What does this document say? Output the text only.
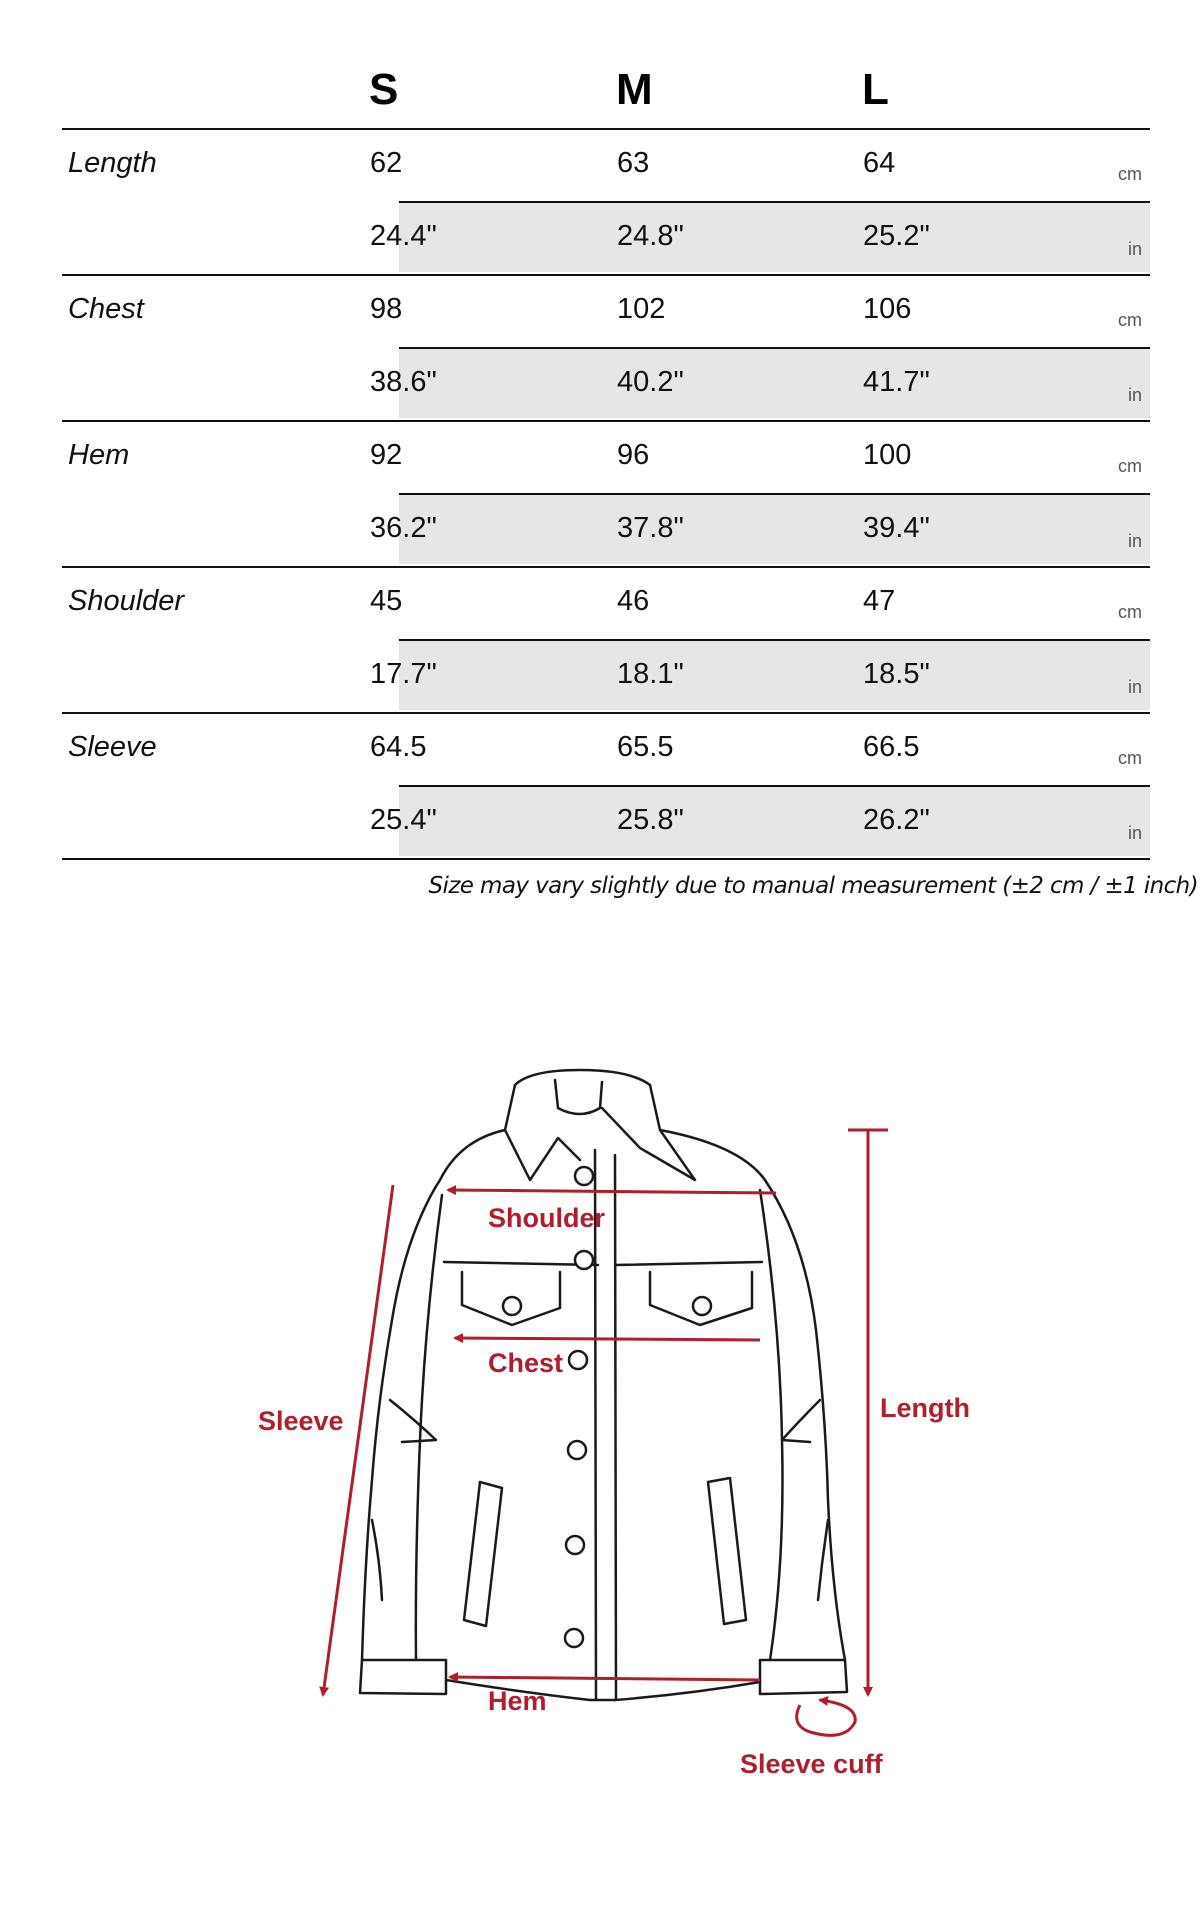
S	M	L
Length	62	63	64	cm
24.4"	24.8"	25.2"	in
Chest	98	102	106	cm
38.6"	40.2"	41.7"	in
Hem	92	96	100	cm
36.2"	37.8"	39.4"	in
Shoulder	45	46	47	cm
17.7"	18.1"	18.5"	in
Sleeve	64.5	65.5	66.5	cm
25.4"	25.8"	26.2"	in
Size may vary slightly due to manual measurement (±2 cm / ±1 inch)
Shoulder
Chest
Hem
Sleeve	Length
Sleeve cuff
